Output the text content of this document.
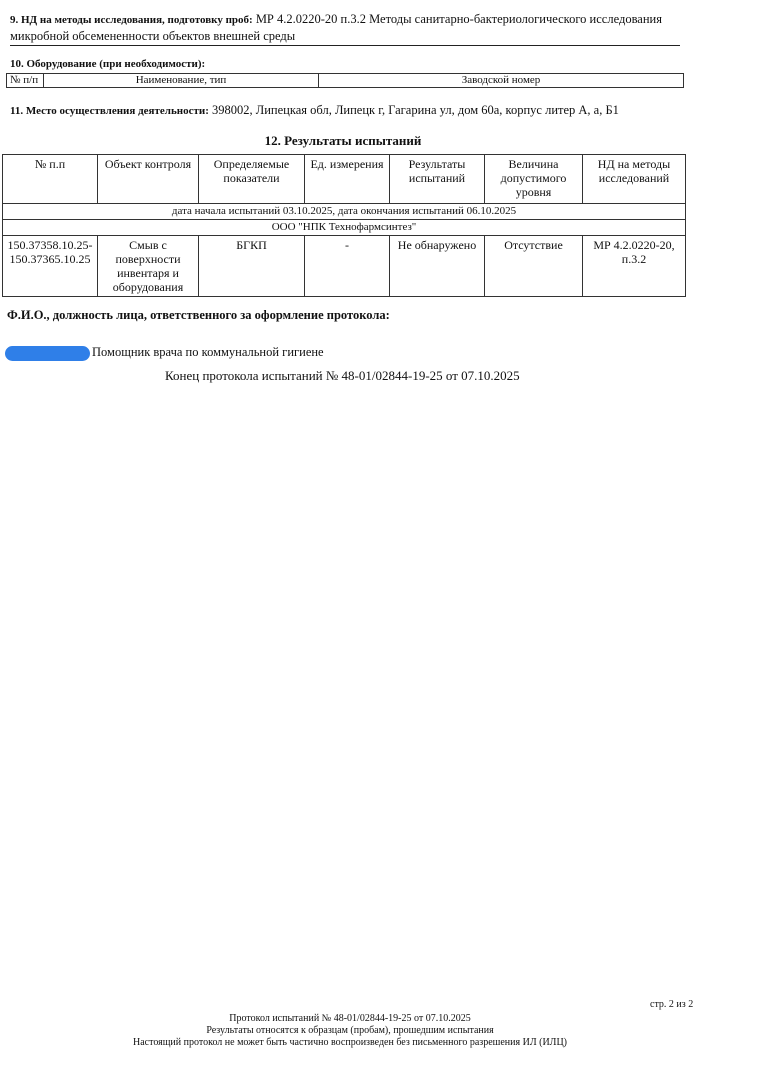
9. НД на методы исследования, подготовку проб: МР 4.2.0220-20 п.3.2 Методы санитарно-бактериологического исследования микробной обсемененности объектов внешней среды
10. Оборудование (при необходимости):
№ п/п	Наименование, тип	Заводской номер
11. Место осуществления деятельности: 398002, Липецкая обл, Липецк г, Гагарина ул, дом 60а, корпус литер А, а, Б1
12. Результаты испытаний
№ п.п	Объект контроля	Определяемые показатели	Ед. измерения	Результаты испытаний	Величина допустимого уровня	НД на методы исследований
дата начала испытаний 03.10.2025, дата окончания испытаний 06.10.2025						
ООО "НПК Технофармсинтез"						
150.37358.10.25-150.37365.10.25	Смыв с поверхности инвентаря и оборудования	БГКП	-	Не обнаружено	Отсутствие	МР 4.2.0220-20, п.3.2
Ф.И.О., должность лица, ответственного за оформление протокола:
Помощник врача по коммунальной гигиене
Конец протокола испытаний № 48-01/02844-19-25 от 07.10.2025
стр. 2 из 2
Протокол испытаний № 48-01/02844-19-25 от 07.10.2025
Результаты относятся к образцам (пробам), прошедшим испытания
Настоящий протокол не может быть частично воспроизведен без письменного разрешения ИЛ (ИЛЦ)
